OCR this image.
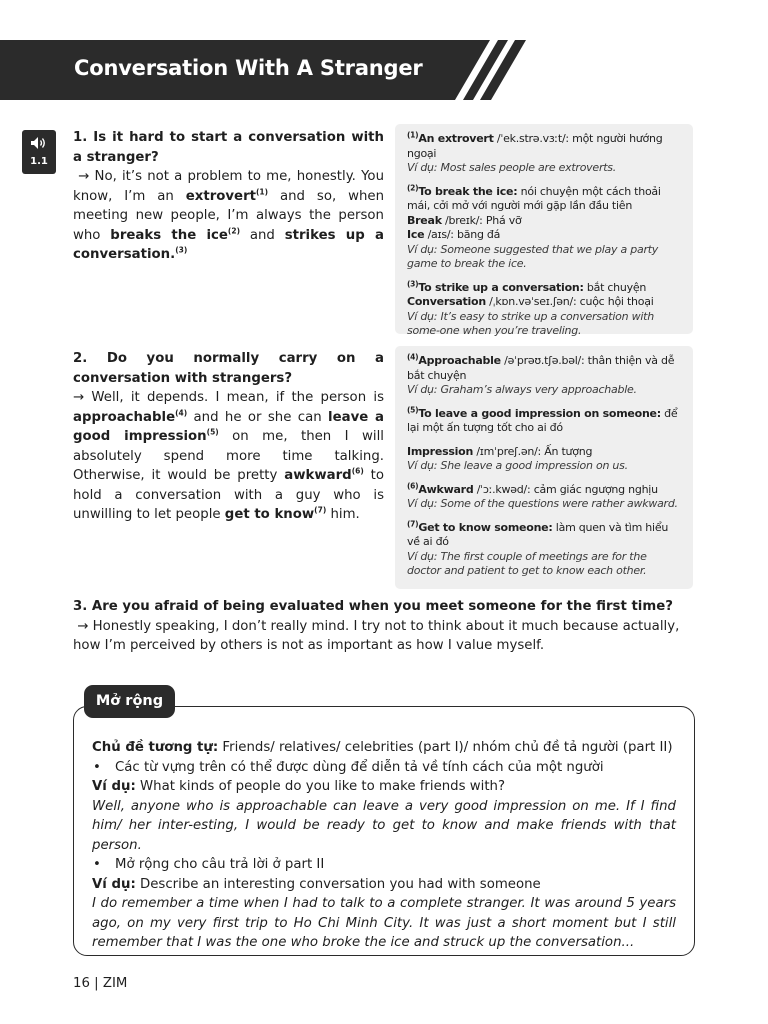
Conversation With A Stranger
1.1
1. Is it hard to start a conversation with a stranger?
→ No, it’s not a problem to me, honestly. You know, I’m an extrovert$^{(1)}$ and so, when meeting new people, I’m always the person who breaks the ice$^{(2)}$ and strikes up a conversation.$^{(3)}$
$^{(1)}$An extrovert /ˈek.strə.vɜːt/: một người hướng ngoại
Ví dụ: Most sales people are extroverts.
$^{(2)}$To break the ice: nói chuyện một cách thoải mái, cởi mở với người mới gặp lần đầu tiên
Break /breɪk/: Phá vỡ
Ice /aɪs/: băng đá
Ví dụ: Someone suggested that we play a party game to break the ice.
$^{(3)}$To strike up a conversation: bắt chuyện
Conversation /ˌkɒn.vəˈseɪ.ʃən/: cuộc hội thoại
Ví dụ: It’s easy to strike up a conversation with some-one when you’re traveling.
2. Do you normally carry on a conversation with strangers?
→ Well, it depends. I mean, if the person is approachable$^{(4)}$ and he or she can leave a good impression$^{(5)}$ on me, then I will absolutely spend more time talking. Otherwise, it would be pretty awkward$^{(6)}$ to hold a conversation with a guy who is unwilling to let people get to know$^{(7)}$ him.
$^{(4)}$Approachable /əˈprəʊ.tʃə.bəl/: thân thiện và dễ bắt chuyện
Ví dụ: Graham’s always very approachable.
$^{(5)}$To leave a good impression on someone: để lại một ấn tượng tốt cho ai đó
Impression /ɪmˈpreʃ.ən/: Ấn tượng
Ví dụ: She leave a good impression on us.
$^{(6)}$Awkward /ˈɔː.kwəd/: cảm giác ngượng nghịu
Ví dụ: Some of the questions were rather awkward.
$^{(7)}$Get to know someone: làm quen và tìm hiểu về ai đó
Ví dụ: The first couple of meetings are for the doctor and patient to get to know each other.
3. Are you afraid of being evaluated when you meet someone for the first time?
→ Honestly speaking, I don’t really mind. I try not to think about it much because actually, how I’m perceived by others is not as important as how I value myself.
Mở rộng
Chủ đề tương tự: Friends/ relatives/ celebrities (part I)/ nhóm chủ đề tả người (part II)
• Các từ vựng trên có thể được dùng để diễn tả về tính cách của một người
Ví dụ: What kinds of people do you like to make friends with?
Well, anyone who is approachable can leave a very good impression on me. If I find him/ her inter-esting, I would be ready to get to know and make friends with that person.
• Mở rộng cho câu trả lời ở part II
Ví dụ: Describe an interesting conversation you had with someone
I do remember a time when I had to talk to a complete stranger. It was around 5 years ago, on my very first trip to Ho Chi Minh City. It was just a short moment but I still remember that I was the one who broke the ice and struck up the conversation...
16 | ZIM
